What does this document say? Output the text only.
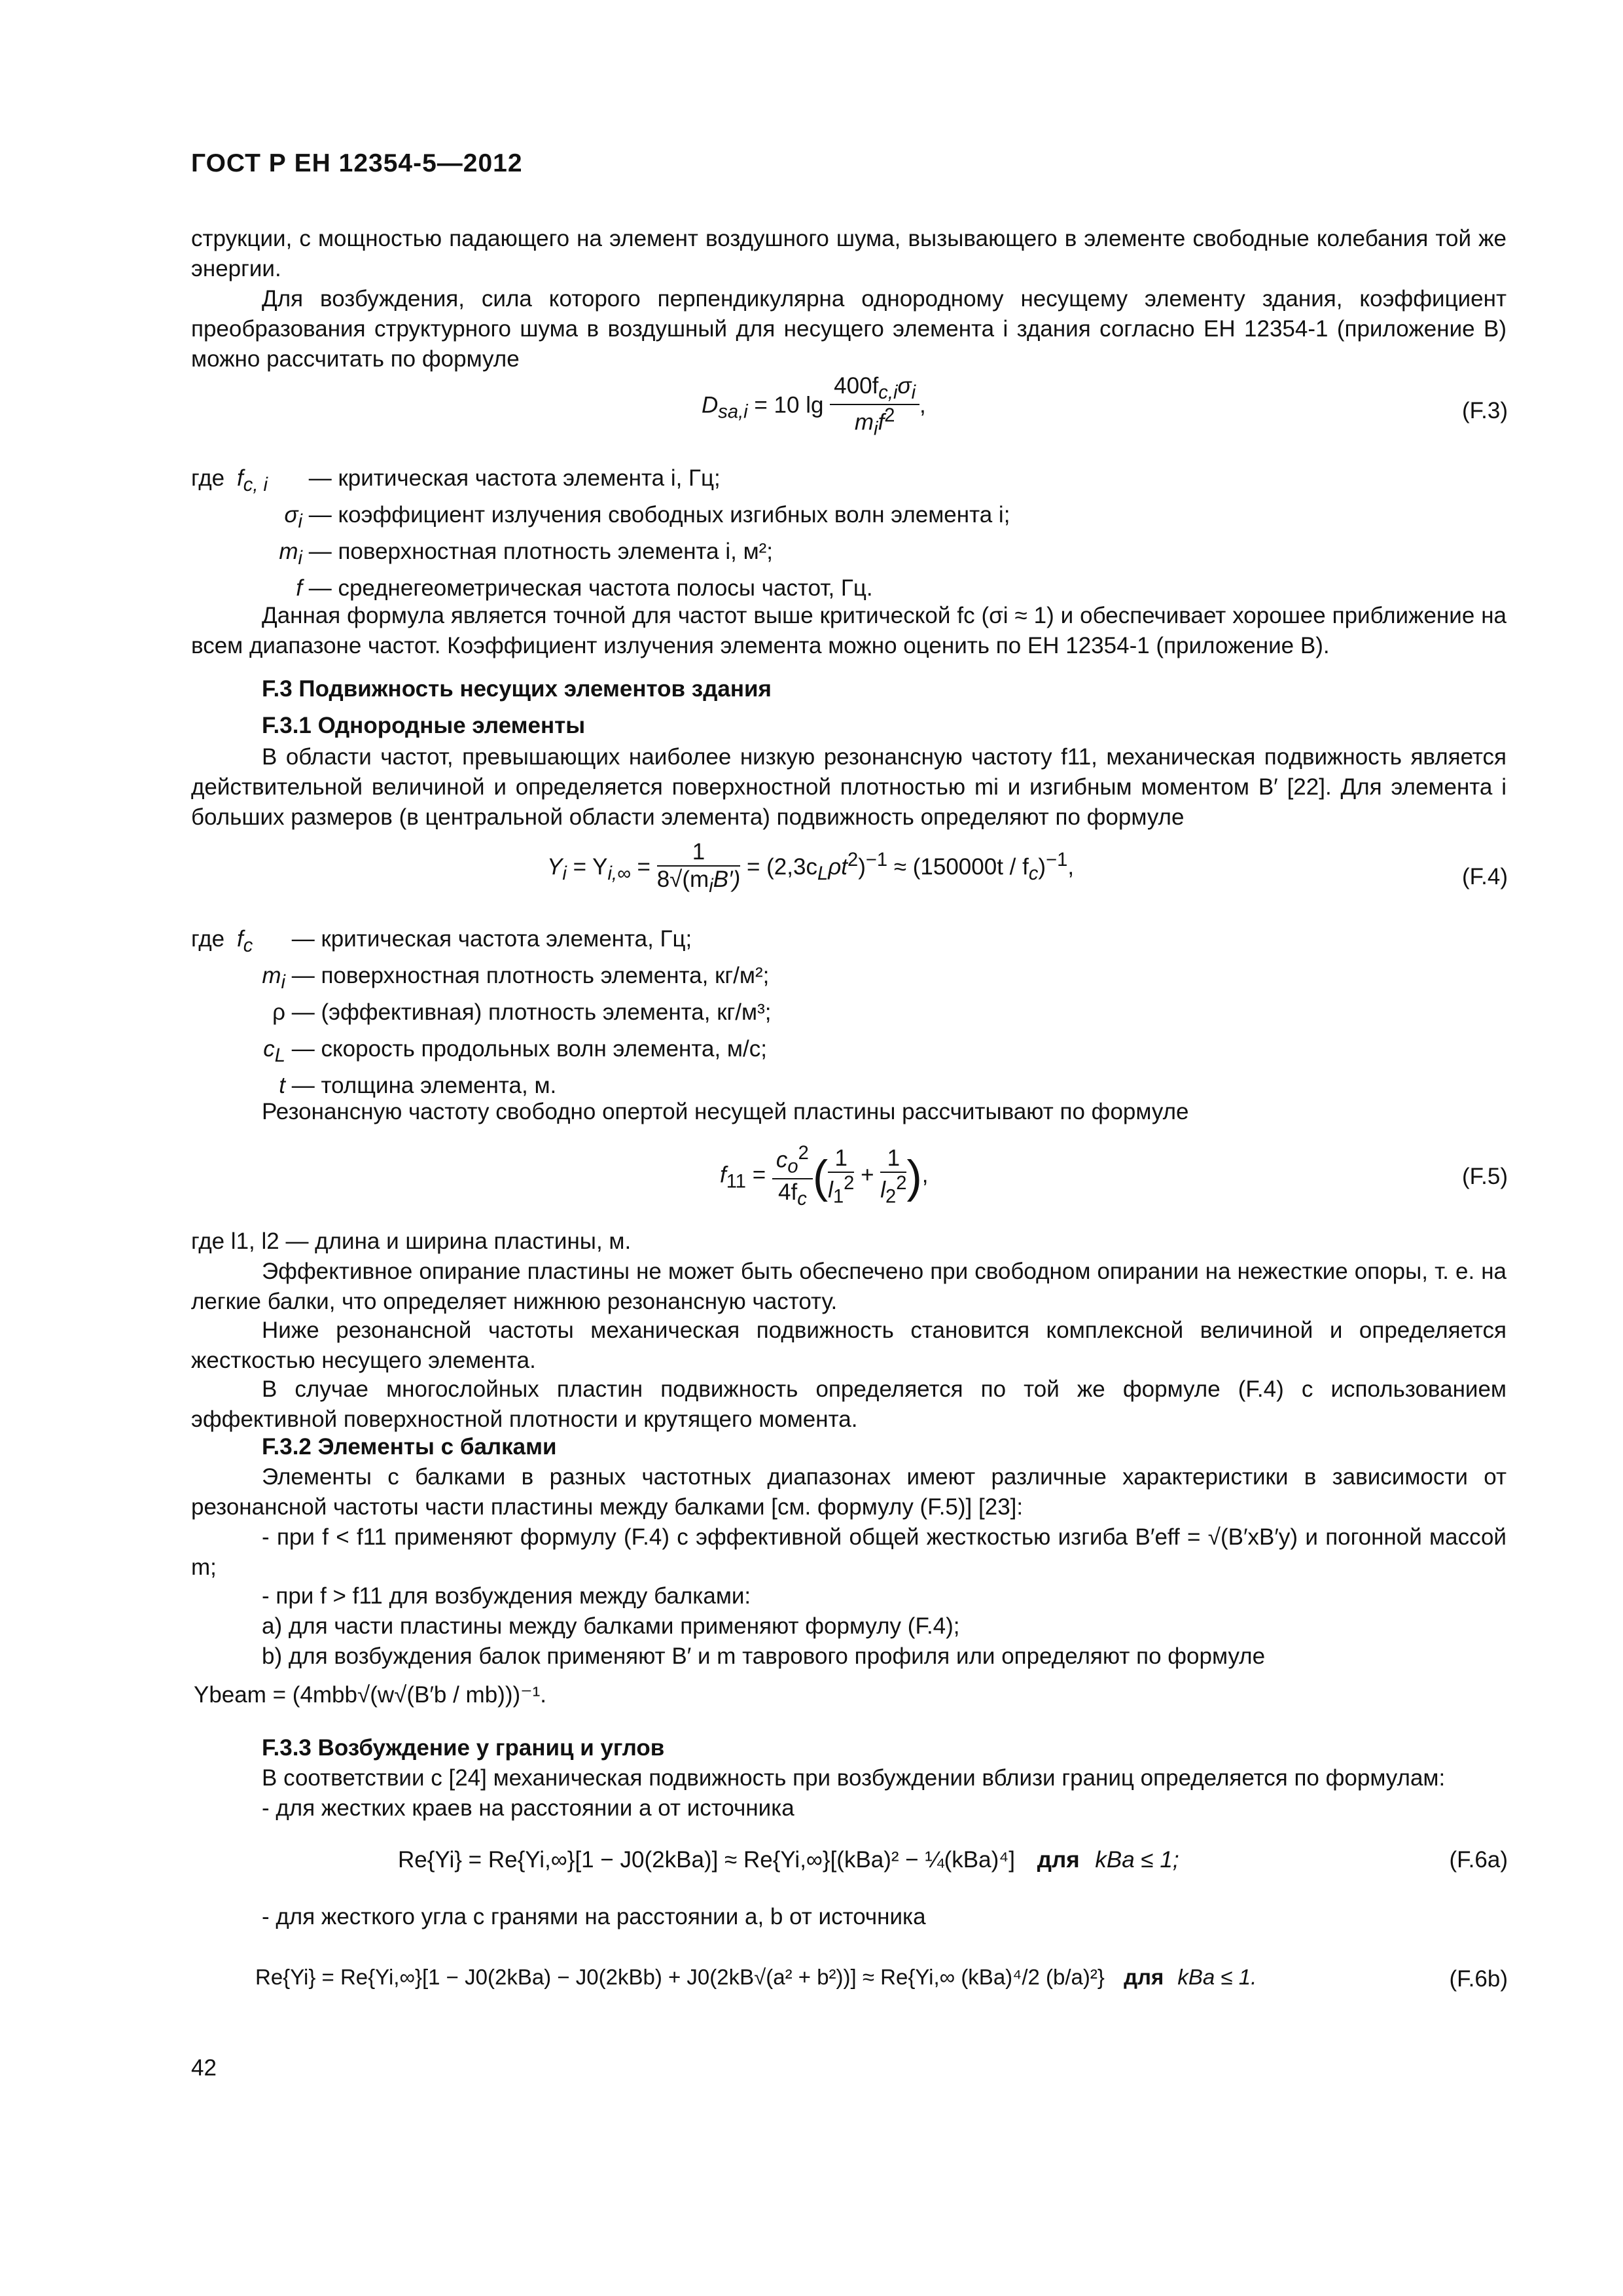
ГОСТ Р ЕН 12354-5—2012
струкции, с мощностью падающего на элемент воздушного шума, вызывающего в элементе свободные колебания той же энергии.
Для возбуждения, сила которого перпендикулярна однородному несущему элементу здания, коэффициент преобразования структурного шума в воздушный для несущего элемента i здания согласно ЕН 12354-1 (приложение В) можно рассчитать по формуле
$D_{sa,i} = 10$ $\lg \frac{400f_{c,i}\sigma_i}{m_if^2}$ ,	(F.3)
где $f_{c, i}$ — критическая частота элемента i, Гц;
$\sigma_i$ — коэффициент излучения свободных изгибных волн элемента i;
$m_i$ — поверхностная плотность элемента i, м²;
f — среднегеометрическая частота полосы частот, Гц.
Данная формула является точной для частот выше критической fc (σi ≈ 1) и обеспечивает хорошее приближение на всем диапазоне частот. Коэффициент излучения элемента можно оценить по ЕН 12354-1 (приложение В).
F.3 Подвижность несущих элементов здания
F.3.1 Однородные элементы
В области частот, превышающих наиболее низкую резонансную частоту f11, механическая подвижность является действительной величиной и определяется поверхностной плотностью mi и изгибным моментом B′ [22]. Для элемента i больших размеров (в центральной области элемента) подвижность определяют по формуле
$Y_i = Y_{i,\infty} = \frac{1}{8√(m_iB')} = (2,3c_L\rho t^2)^{-1} \approx (150000t / f_c)^{-1}$,	(F.4)
где $f_c$ — критическая частота элемента, Гц;
$m_i$ — поверхностная плотность элемента, кг/м²;
ρ — (эффективная) плотность элемента, кг/м³;
$c_L$ — скорость продольных волн элемента, м/с;
t — толщина элемента, м.
Резонансную частоту свободно опертой несущей пластины рассчитывают по формуле
$f_{11} = \frac{c_o^2}{4f_c}$ ( $\frac{1}{l_1^2} + \frac{1}{l_2^2}$ ),	(F.5)
где l1, l2 — длина и ширина пластины, м.
Эффективное опирание пластины не может быть обеспечено при свободном опирании на нежесткие опоры, т. е. на легкие балки, что определяет нижнюю резонансную частоту.
Ниже резонансной частоты механическая подвижность становится комплексной величиной и определяется жесткостью несущего элемента.
В случае многослойных пластин подвижность определяется по той же формуле (F.4) с использованием эффективной поверхностной плотности и крутящего момента.
F.3.2 Элементы с балками
Элементы с балками в разных частотных диапазонах имеют различные характеристики в зависимости от резонансной частоты части пластины между балками [см. формулу (F.5)] [23]:
- при f < f11 применяют формулу (F.4) с эффективной общей жесткостью изгиба B′eff = √(B′xB′y) и погонной массой m;
- при f > f11 для возбуждения между балками:
a) для части пластины между балками применяют формулу (F.4);
b) для возбуждения балок применяют B′ и m таврового профиля или определяют по формуле
Ybeam = (4mbb√(w√(B′b / mb)))⁻¹.
F.3.3 Возбуждение у границ и углов
В соответствии с [24] механическая подвижность при возбуждении вблизи границ определяется по формулам:
- для жестких краев на расстоянии a от источника
Re{Yi} = Re{Yi,∞}[1 − J0(2kBa)] ≈ Re{Yi,∞}[(kBa)² − ¼(kBa)⁴] для kBa ≤ 1;	(F.6a)
- для жесткого угла с гранями на расстоянии a, b от источника
Re{Yi} = Re{Yi,∞}[1 − J0(2kBa) − J0(2kBb) + J0(2kB√(a² + b²))] ≈ Re{Yi,∞ (kBa)⁴/2 (b/a)²} для kBa ≤ 1.	(F.6b)
42
